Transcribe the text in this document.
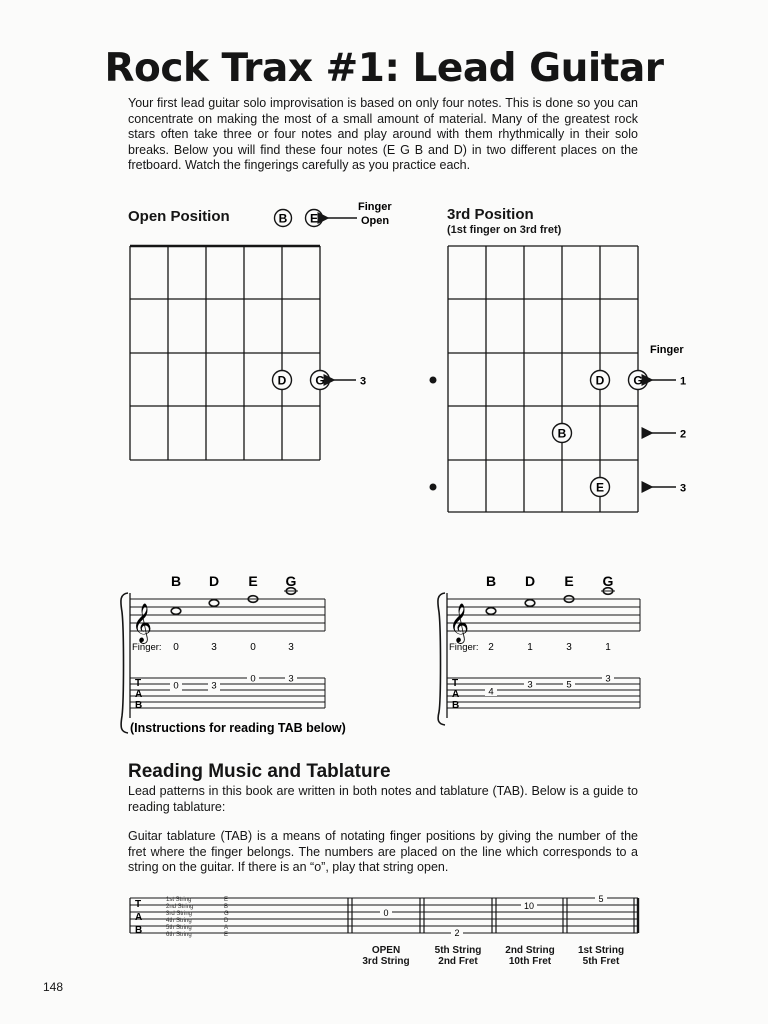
Rock Trax #1: Lead Guitar
Your first lead guitar solo improvisation is based on only four notes. This is done so you can concentrate on making the most of a small amount of material. Many of the greatest rock stars often take three or four notes and play around with them rhythmically in their solo breaks. Below you will find these four notes (E G B and D) in two different places on the fretboard. Watch the fingerings carefully as you practice each.
Open Position	3rd Position
(1st finger on 3rd fret)
B E
Finger
Open
D G	3
Finger
D G
B
E
1
2
3
B D E G
𝄞
Finger: 0	3	0	3
T
A
B
0	3
0	3
B D E G
𝄞
Finger: 2	1	3	1
T
A
B
4
3	5
3
(Instructions for reading TAB below)
Reading Music and Tablature
Lead patterns in this book are written in both notes and tablature (TAB). Below is a guide to reading tablature:
Guitar tablature (TAB) is a means of notating finger positions by giving the number of the fret where the finger belongs. The numbers are placed on the line which corresponds to a string on the guitar. If there is an “o”, play that string open.
T
A
B
1st String
2nd String
3rd String
4th String
5th String
6th String
E
B
G
D
A
E
0
2
10
5
OPEN
3rd String
5th String
2nd Fret
2nd String
10th Fret
1st String
5th Fret
148
